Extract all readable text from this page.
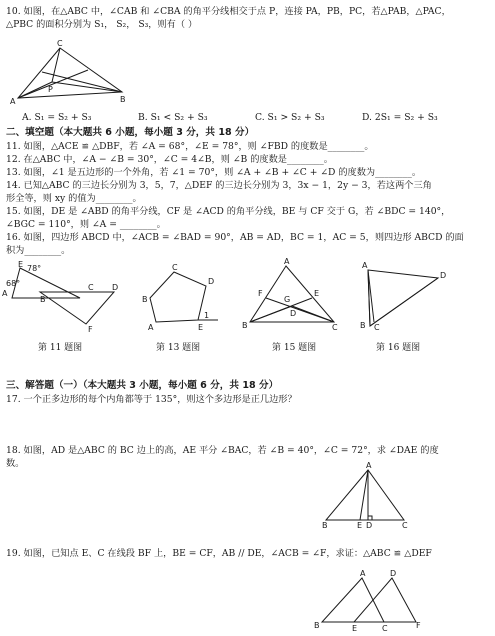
10. 如图，在△ABC 中，∠CAB 和 ∠CBA 的角平分线相交于点 P，连接 PA，PB，PC，若△PAB，△PAC，
△PBC 的面积分别为 S₁， S₂， S₃，则有（ ）
C
A	B
P
A. S₁ = S₂ + S₃	B. S₁ < S₂ + S₃	C. S₁ > S₂ + S₃	D. 2S₁ = S₂ + S₃
二、填空题（本大题共 6 小题，每小题 3 分，共 18 分）
11. 如图，△ACE ≌ △DBF，若 ∠A = 68°，∠E = 78°，则 ∠FBD 的度数是________。
12. 在△ABC 中，∠A − ∠B = 30°，∠C = 4∠B，则 ∠B 的度数是________。
13. 如图，∠1 是五边形的一个外角，若 ∠1 = 70°，则 ∠A + ∠B + ∠C + ∠D 的度数为________。
14. 已知△ABC 的三边长分别为 3，5，7，△DEF 的三边长分别为 3，3x − 1，2y − 3，若这两个三角
形全等，则 xy 的值为________。
15. 如图，DE 是 ∠ABD 的角平分线，CF 是 ∠ACD 的角平分线，BE 与 CF 交于 G，若 ∠BDC = 140°，
∠BGC = 110°，则 ∠A = ________。
16. 如图，四边形 ABCD 中，∠ACB = ∠BAD = 90°，AB = AD，BC = 1，AC = 5，则四边形 ABCD 的面
积为________。
E 78°
A
68°
B
C D
F
第 11 题图
B
C
D
A	E
1
第 13 题图
A
B	C
D
E
F
G
第 15 题图
A
D
B C
第 16 题图
三、解答题（一）（本大题共 3 小题，每小题 6 分，共 18 分）
17. 一个正多边形的每个内角都等于 135°，则这个多边形是正几边形？
18. 如图，AD 是△ABC 的 BC 边上的高，AE 平分 ∠BAC，若 ∠B = 40°，∠C = 72°，求 ∠DAE 的度
数。	A
B	E D	C
19. 如图，已知点 E、C 在线段 BF 上，BE = CF，AB // DE，∠ACB = ∠F，求证：△ABC ≌ △DEF
A	D
B	E	C	F
